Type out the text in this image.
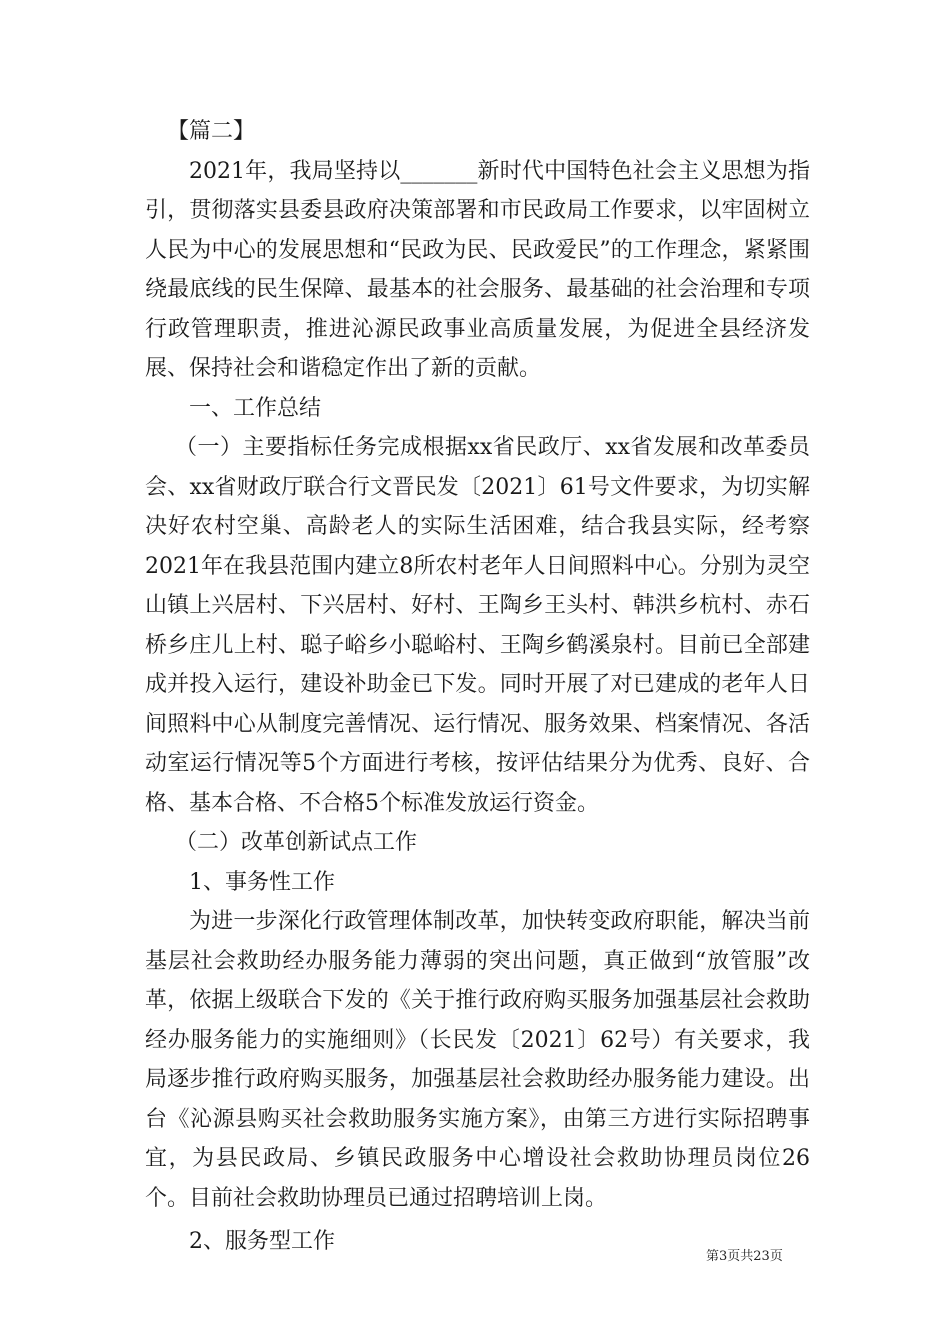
【篇二】

2021年，我局坚持以_______新时代中国特色社会主义思想为指引，贯彻落实县委县政府决策部署和市民政局工作要求，以牢固树立人民为中心的发展思想和“民政为民、民政爱民”的工作理念，紧紧围绕最底线的民生保障、最基本的社会服务、最基础的社会治理和专项行政管理职责，推进沁源民政事业高质量发展，为促进全县经济发展、保持社会和谐稳定作出了新的贡献。

一、工作总结

（一）主要指标任务完成根据xx省民政厅、xx省发展和改革委员会、xx省财政厅联合行文晋民发〔2021〕61号文件要求，为切实解决好农村空巢、高龄老人的实际生活困难，结合我县实际，经考察2021年在我县范围内建立8所农村老年人日间照料中心。分别为灵空山镇上兴居村、下兴居村、好村、王陶乡王头村、韩洪乡杭村、赤石桥乡庄儿上村、聪子峪乡小聪峪村、王陶乡鹤溪泉村。目前已全部建成并投入运行，建设补助金已下发。同时开展了对已建成的老年人日间照料中心从制度完善情况、运行情况、服务效果、档案情况、各活动室运行情况等5个方面进行考核，按评估结果分为优秀、良好、合格、基本合格、不合格5个标准发放运行资金。

（二）改革创新试点工作

1、事务性工作

为进一步深化行政管理体制改革，加快转变政府职能，解决当前基层社会救助经办服务能力薄弱的突出问题，真正做到“放管服”改革，依据上级联合下发的《关于推行政府购买服务加强基层社会救助经办服务能力的实施细则》（长民发〔2021〕62号）有关要求，我局逐步推行政府购买服务，加强基层社会救助经办服务能力建设。出台《沁源县购买社会救助服务实施方案》，由第三方进行实际招聘事宜，为县民政局、乡镇民政服务中心增设社会救助协理员岗位26个。目前社会救助协理员已通过招聘培训上岗。

2、服务型工作

第3页共23页
